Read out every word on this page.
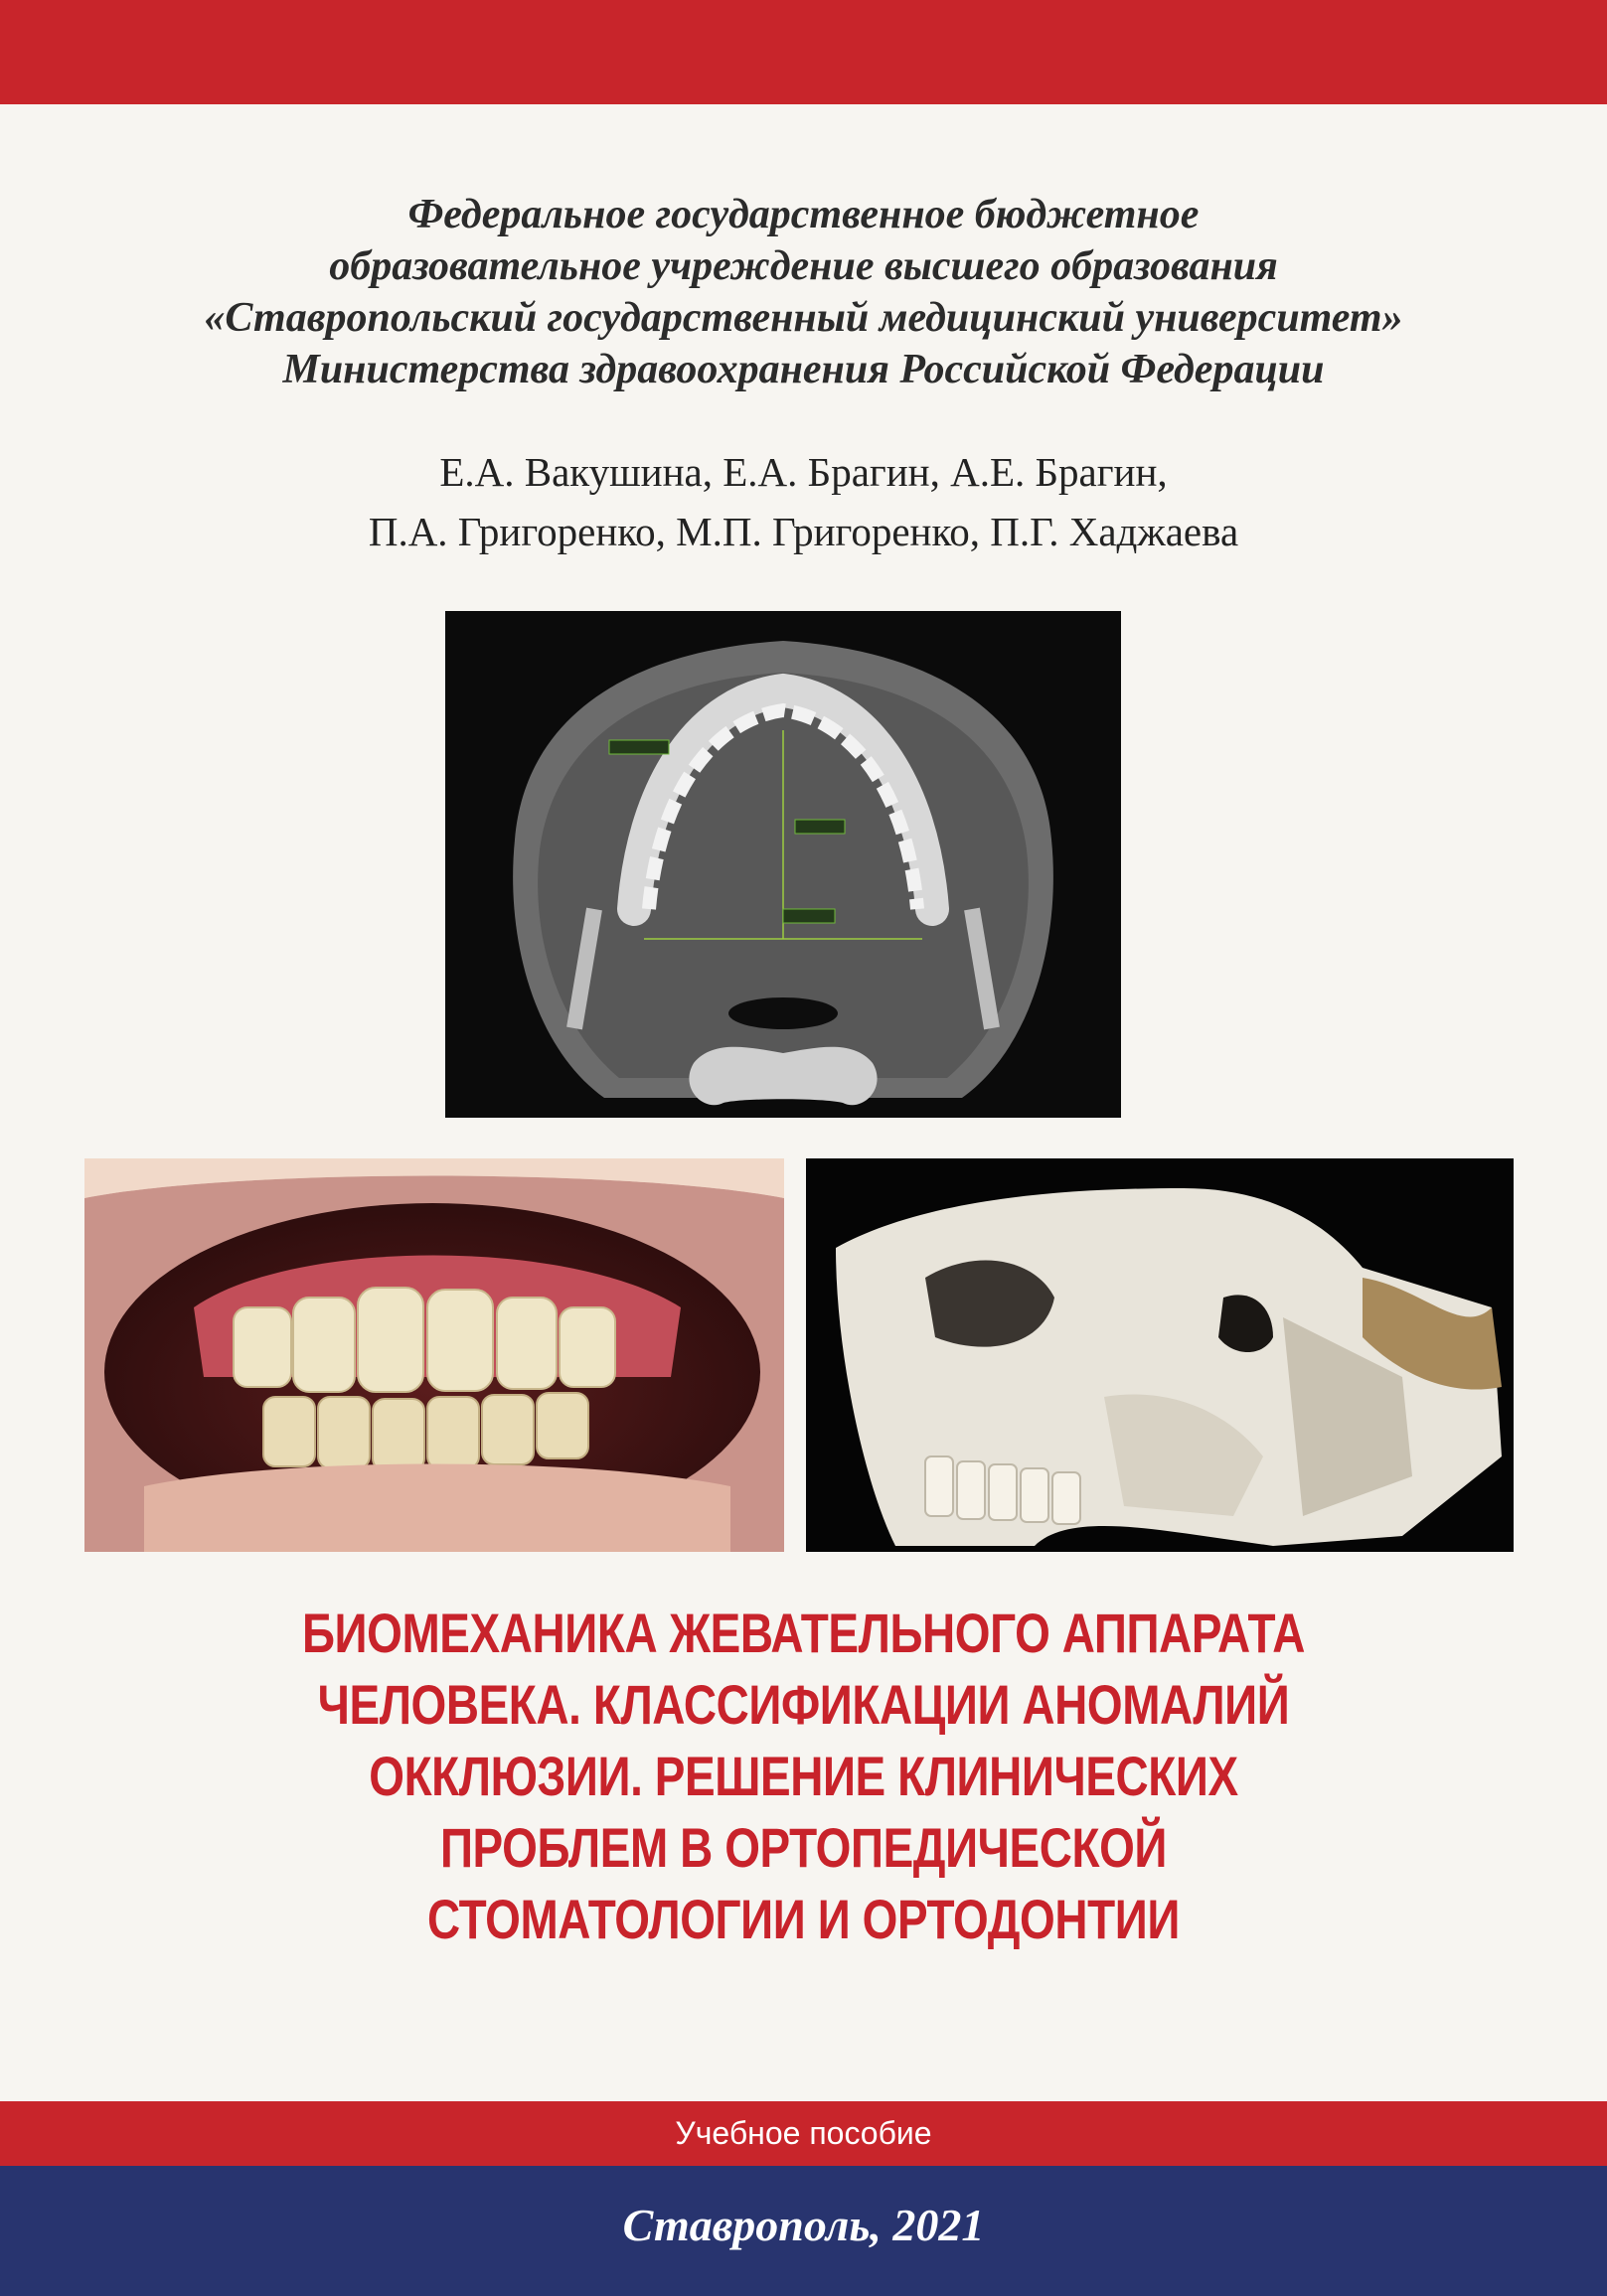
Федеральное государственное бюджетное
образовательное учреждение высшего образования
«Ставропольский государственный медицинский университет»
Министерства здравоохранения Российской Федерации
Е.А. Вакушина, Е.А. Брагин, А.Е. Брагин,
П.А. Григоренко, М.П. Григоренко, П.Г. Хаджаева
БИОМЕХАНИКА ЖЕВАТЕЛЬНОГО АППАРАТА
ЧЕЛОВЕКА. КЛАССИФИКАЦИИ АНОМАЛИЙ
ОККЛЮЗИИ. РЕШЕНИЕ КЛИНИЧЕСКИХ
ПРОБЛЕМ В ОРТОПЕДИЧЕСКОЙ
СТОМАТОЛОГИИ И ОРТОДОНТИИ
Учебное пособие
Ставрополь, 2021
